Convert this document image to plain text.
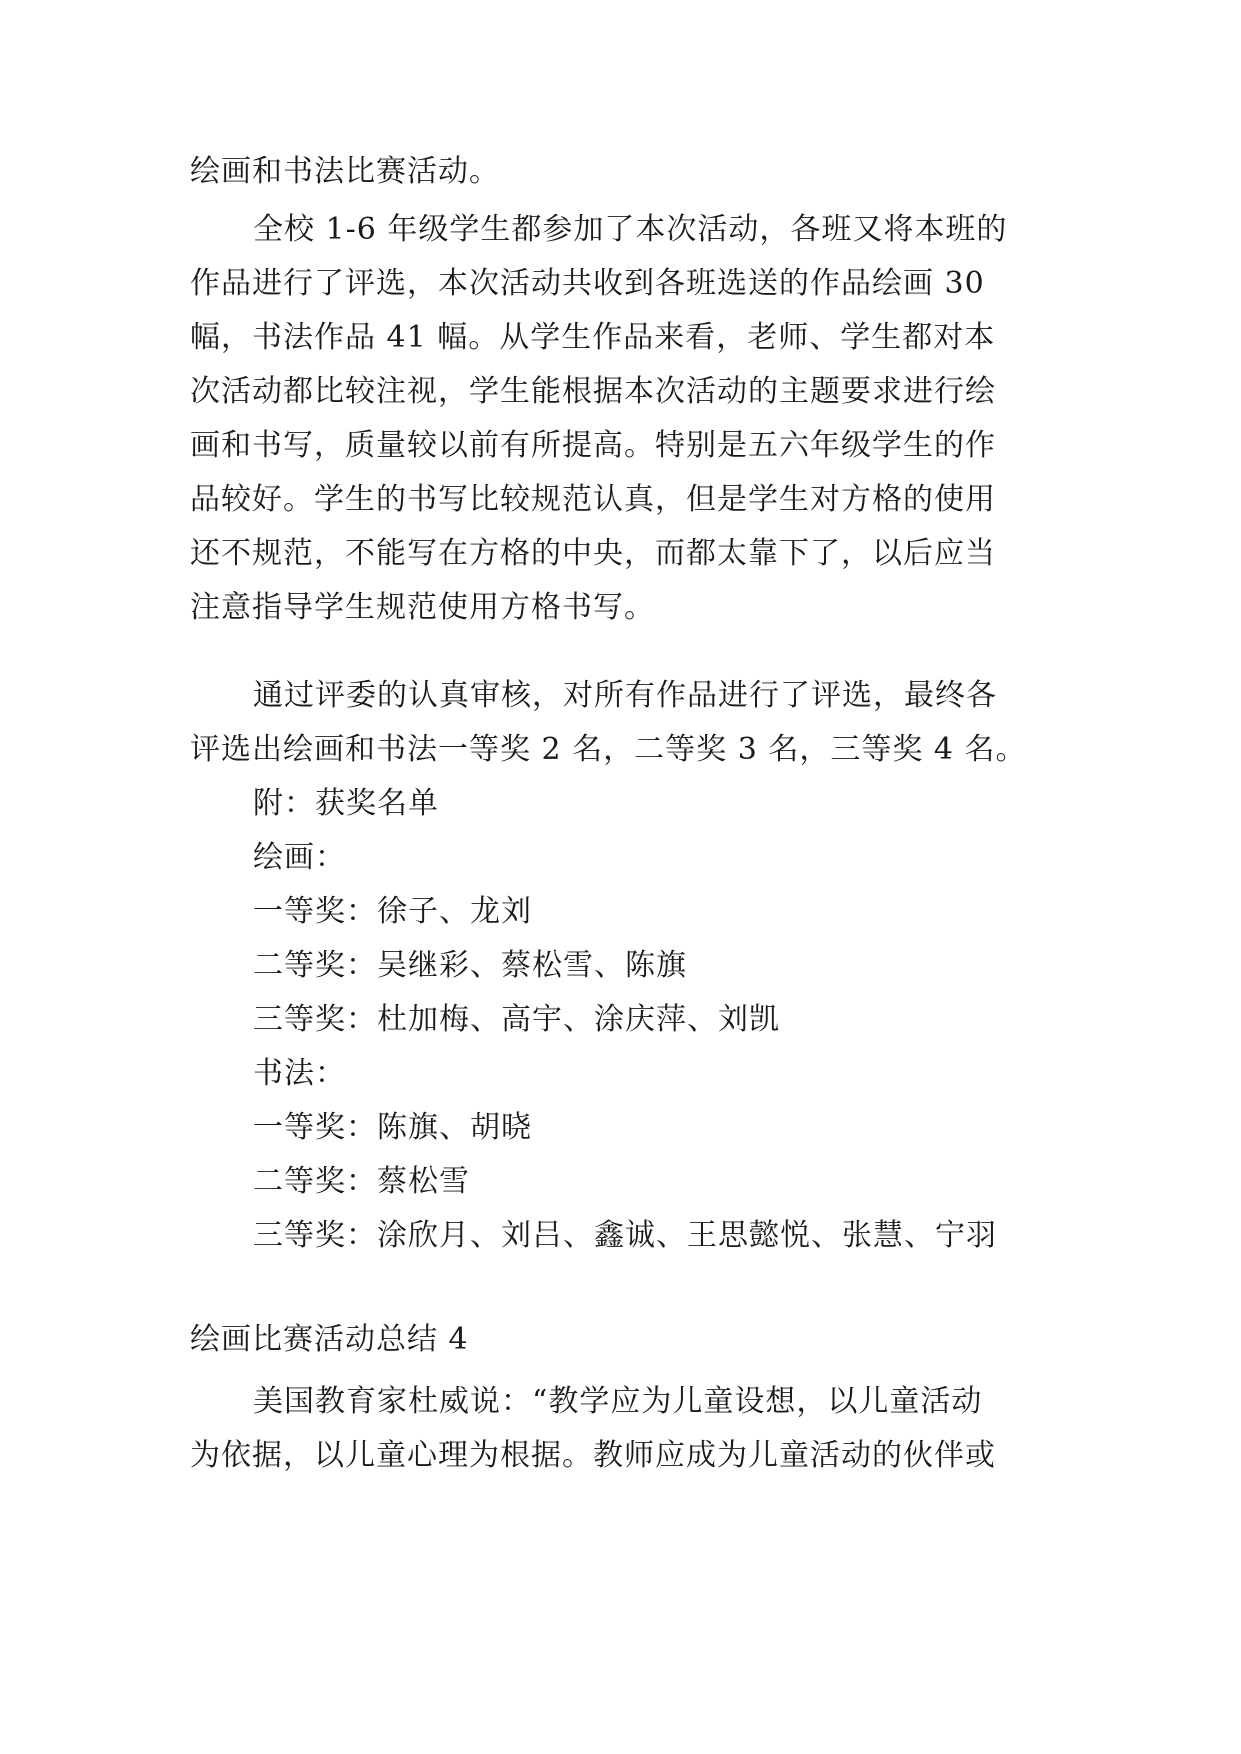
绘画和书法比赛活动。
全校 1-6 年级学生都参加了本次活动，各班又将本班的
作品进行了评选，本次活动共收到各班选送的作品绘画 30
幅，书法作品 41 幅。从学生作品来看，老师、学生都对本
次活动都比较注视，学生能根据本次活动的主题要求进行绘
画和书写，质量较以前有所提高。特别是五六年级学生的作
品较好。学生的书写比较规范认真，但是学生对方格的使用
还不规范，不能写在方格的中央，而都太靠下了，以后应当
注意指导学生规范使用方格书写。
通过评委的认真审核，对所有作品进行了评选，最终各
评选出绘画和书法一等奖 2 名，二等奖 3 名，三等奖 4 名。
附：获奖名单
绘画：
一等奖：徐子、龙刘
二等奖：吴继彩、蔡松雪、陈旗
三等奖：杜加梅、高宇、涂庆萍、刘凯
书法：
一等奖：陈旗、胡晓
二等奖：蔡松雪
三等奖：涂欣月、刘吕、鑫诚、王思懿悦、张慧、宁羽
绘画比赛活动总结 4
美国教育家杜威说：“教学应为儿童设想，以儿童活动
为依据，以儿童心理为根据。教师应成为儿童活动的伙伴或
